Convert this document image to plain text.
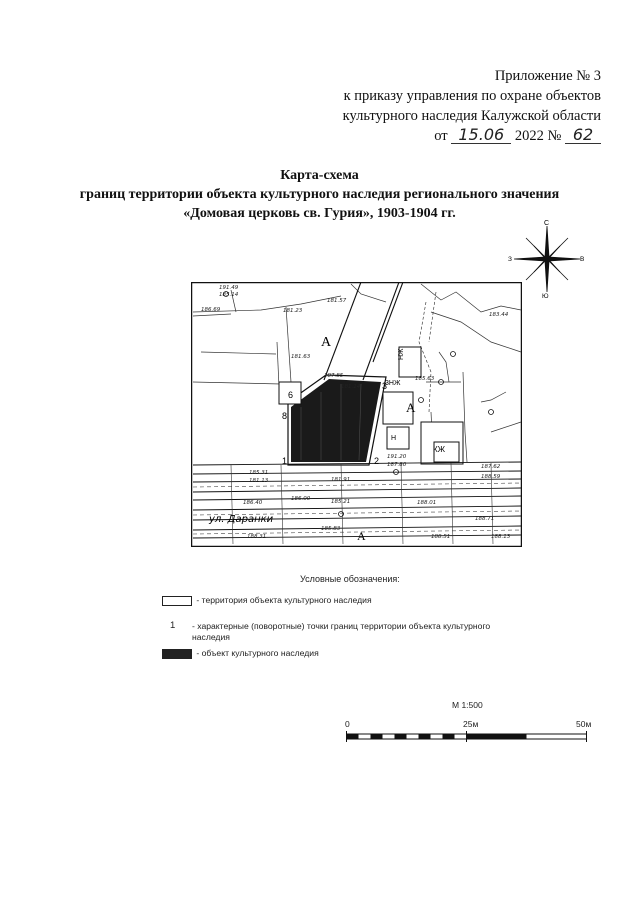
Приложение № 3
к приказу управления по охране объектов
культурного наследия Калужской области
от 15.06 2022 № 62
Карта-схема
границ территории объекта культурного наследия регионального значения
«Домовая церковь св. Гурия», 1903-1904 гг.
С
Ю
З	В
НЖ
КЖ
Н
3НЖ
А
А
А
1	2
3
6
8
ул. Даранки
191.49
185.14
181.57
186.69	181.23
181.63
181.14
187.85
183.44
185.63
191.20
187.80
185.31
181.13	181.91
187.62
188.59
185.21
186.00
186.40	188.01
188.71
188.51	188.13
185.83
188.31
Условные обозначения:
- территория объекта культурного наследия
1	- характерные (поворотные) точки границ территории объекта культурного наследия
- объект культурного наследия
М 1:500
0	25м	50м
